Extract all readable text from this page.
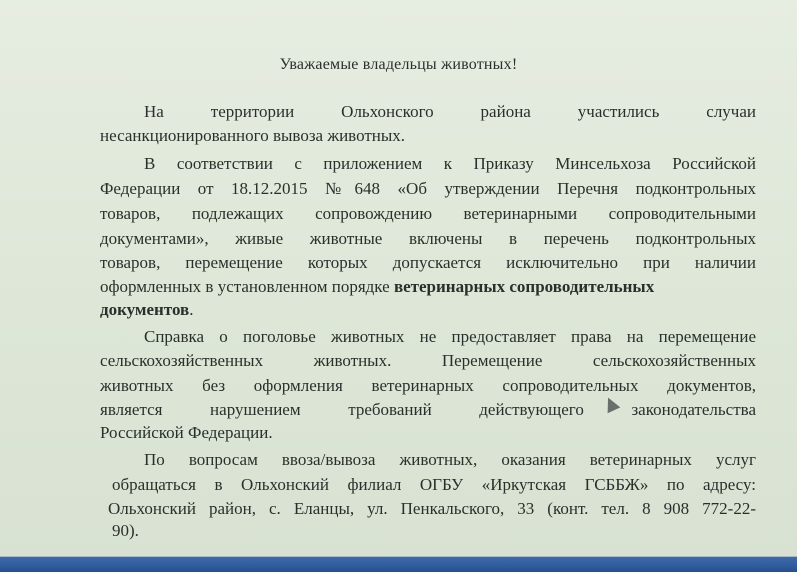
Уважаемые владельцы животных!
На территории Ольхонского района участились случаи
несанкционированного вывоза животных.
В соответствии с приложением к Приказу Минсельхоза Российской
Федерации от 18.12.2015 №648 «Об утверждении Перечня подконтрольных
товаров, подлежащих сопровождению ветеринарными сопроводительными
документами», живые животные включены в перечень подконтрольных
товаров, перемещение которых допускается исключительно при наличии
оформленных в установленном порядке ветеринарных сопроводительных
документов.
Справка о поголовье животных не предоставляет права на перемещение
сельскохозяйственных животных. Перемещение сельскохозяйственных
животных без оформления ветеринарных сопроводительных документов,
является нарушением требований действующего законодательства
Российской Федерации.
По вопросам ввоза/вывоза животных, оказания ветеринарных услуг
обращаться в Ольхонский филиал ОГБУ «Иркутская ГСББЖ» по адресу:
Ольхонский район, с. Еланцы, ул. Пенкальского, 33 (конт. тел. 8 908 772-22-
90).
